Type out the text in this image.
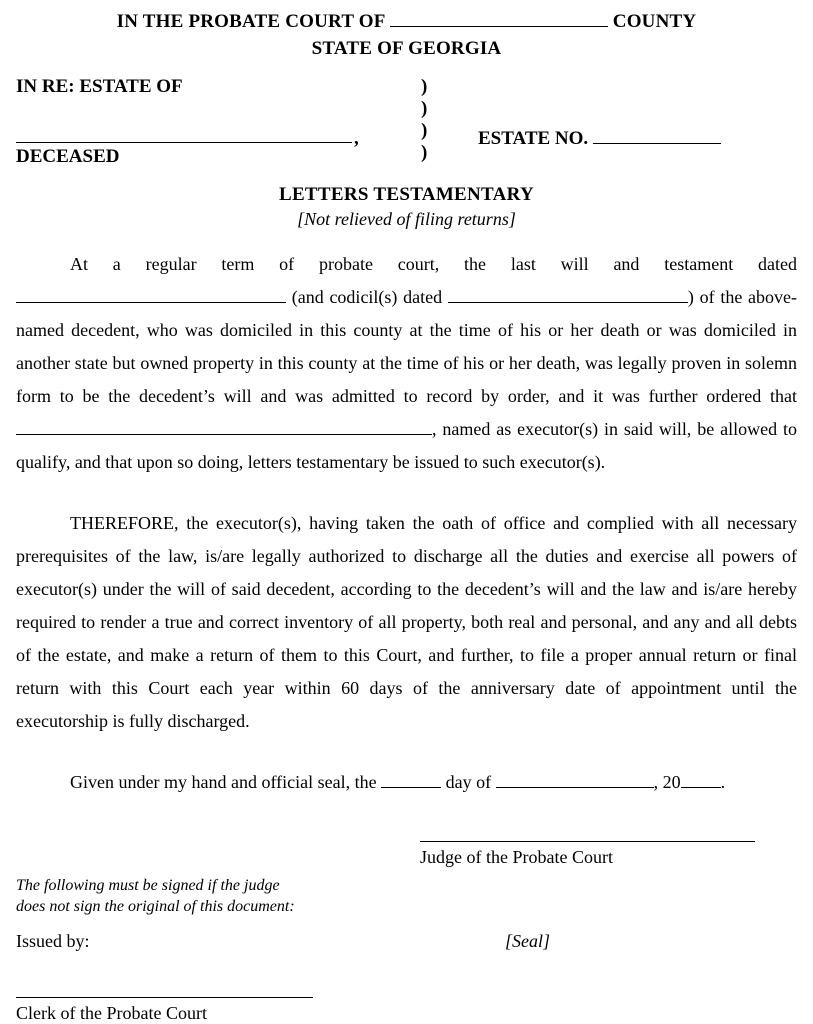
IN THE PROBATE COURT OF	COUNTY
STATE OF GEORGIA
IN RE: ESTATE OF	)
)
)
)
ESTATE NO.
,
DECEASED
LETTERS TESTAMENTARY
[Not relieved of filing returns]

At a regular term of probate court, the last will and testament dated  (and codicil(s) dated	) of the above-named decedent, who was domiciled in this county at the time of his or her death or was domiciled in another state but owned property in this county at the time of his or her death, was legally proven in solemn form to be the decedent’s will and was admitted to record by order, and it was further ordered that , named as executor(s) in said will, be allowed to qualify, and that upon so doing, letters testamentary be issued to such executor(s).

THEREFORE, the executor(s), having taken the oath of office and complied with all necessary prerequisites of the law, is/are legally authorized to discharge all the duties and exercise all powers of executor(s) under the will of said decedent, according to the decedent’s will and the law and is/are hereby required to render a true and correct inventory of all property, both real and personal, and any and all debts of the estate, and make a return of them to this Court, and further, to file a proper annual return or final return with this Court each year within 60 days of the anniversary date of appointment until the executorship is fully discharged.

Given under my hand and official seal, the	day of	, 20 .
Judge of the Probate Court
The following must be signed if the judge
does not sign the original of this document:
Issued by:	[Seal]
Clerk of the Probate Court
